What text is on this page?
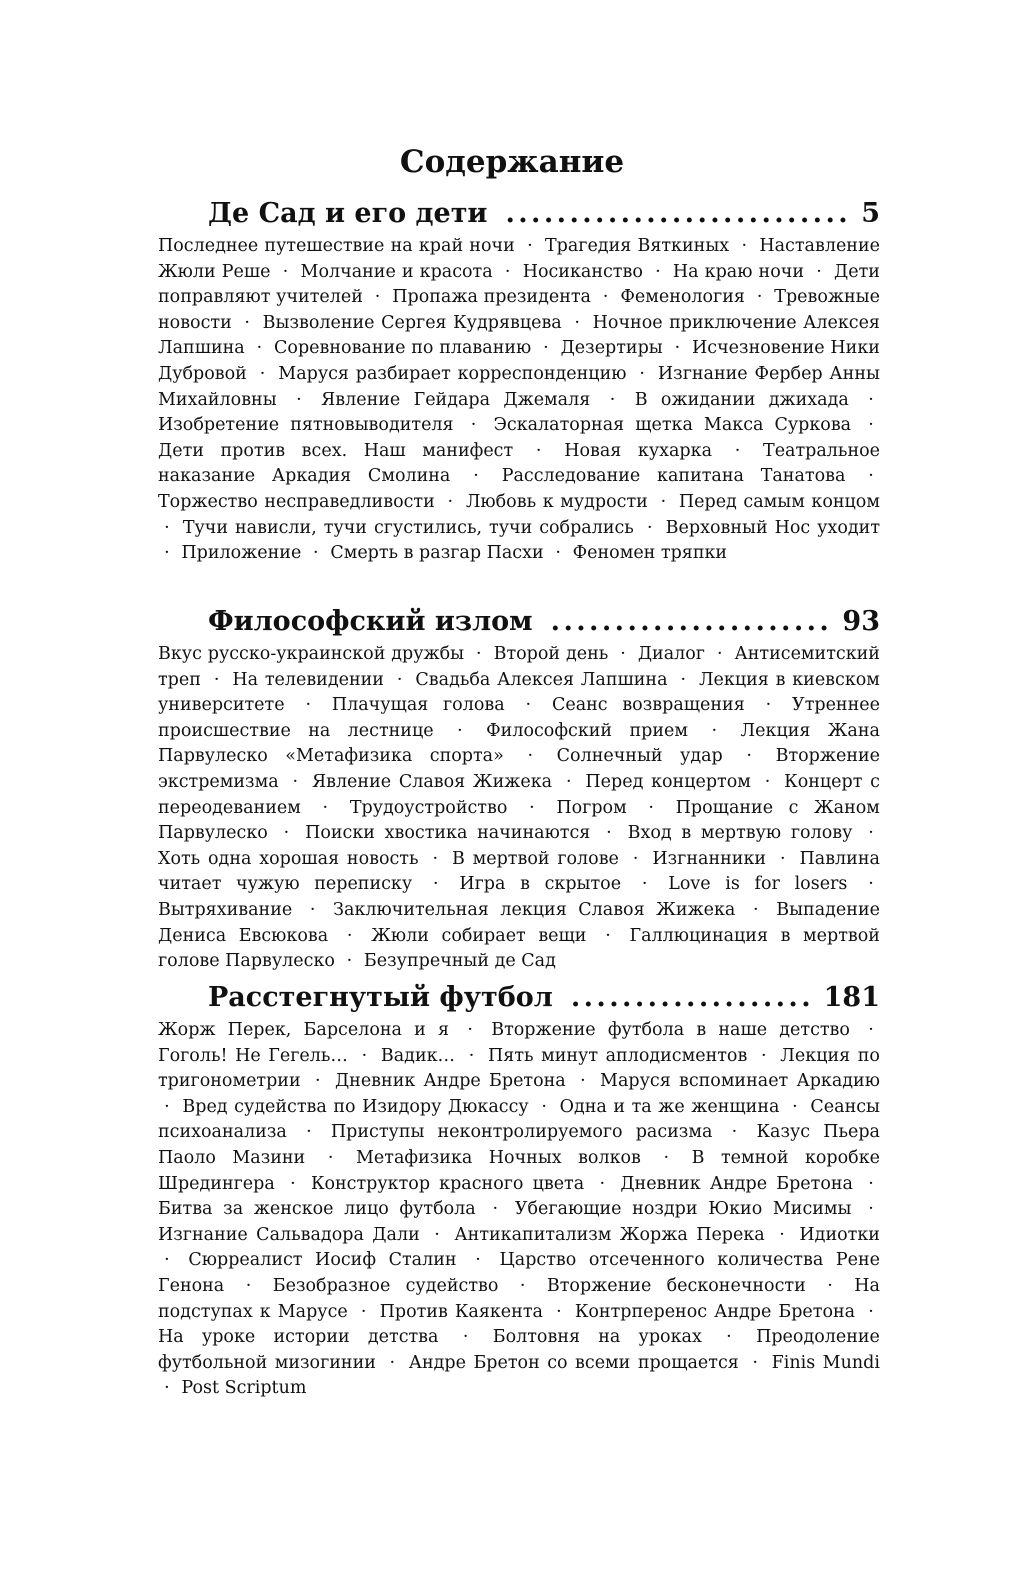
Содержание
Де Сад и его дети . . .	5
Последнее путешествие на край ночи · Трагедия Вяткиных · Наставление Жюли Реше · Молчание и красота · Носиканство · На краю ночи · Дети поправляют учителей · Пропажа президента · Феменология · Тревожные новости · Вызволение Сергея Кудрявцева · Ночное приключение Алексея Лапшина · Соревнование по плаванию · Дезертиры · Исчезновение Ники Дубровой · Маруся разбирает корреспонденцию · Изгнание Фербер Анны Михайловны · Явление Гейдара Джемаля · В ожидании джихада · Изобретение пятновыводителя · Эскалаторная щетка Макса Суркова · Дети против всех. Наш манифест · Новая кухарка · Театральное наказание Аркадия Смолина · Расследование капитана Танатова · Торжество несправедливости · Любовь к мудрости · Перед самым концом · Тучи нависли, тучи сгустились, тучи собрались · Верховный Нос уходит · Приложение · Смерть в разгар Пасхи · Феномен тряпки
Философский излом . . .	93
Вкус русско-украинской дружбы · Второй день · Диалог · Антисемитский треп · На телевидении · Свадьба Алексея Лапшина · Лекция в киевском университете · Плачущая голова · Сеанс возвращения · Утреннее происшествие на лестнице · Философский прием · Лекция Жана Парвулеско «Метафизика спорта» · Солнечный удар · Вторжение экстремизма · Явление Славоя Жижека · Перед концертом · Концерт с переодеванием · Трудоустройство · Погром · Прощание с Жаном Парвулеско · Поиски хвостика начинаются · Вход в мертвую голову · Хоть одна хорошая новость · В мертвой голове · Изгнанники · Павлина читает чужую переписку · Игра в скрытое · Love is for losers · Вытряхивание · Заключительная лекция Славоя Жижека · Выпадение Дениса Евсюкова · Жюли собирает вещи · Галлюцинация в мертвой голове Парвулеско · Безупречный де Сад
Расстегнутый футбол . . .	181
Жорж Перек, Барселона и я · Вторжение футбола в наше детство · Гоголь! Не Гегель… · Вадик… · Пять минут аплодисментов · Лекция по тригонометрии · Дневник Андре Бретона · Маруся вспоминает Аркадию · Вред судейства по Изидору Дюкассу · Одна и та же женщина · Сеансы психоанализа · Приступы неконтролируемого расизма · Казус Пьера Паоло Мазини · Метафизика Ночных волков · В темной коробке Шредингера · Конструктор красного цвета · Дневник Андре Бретона · Битва за женское лицо футбола · Убегающие ноздри Юкио Мисимы · Изгнание Сальвадора Дали · Антикапитализм Жоржа Перека · Идиотки · Сюрреалист Иосиф Сталин · Царство отсеченного количества Рене Генона · Безобразное судейство · Вторжение бесконечности · На подступах к Марусе · Против Каякента · Контрперенос Андре Бретона · На уроке истории детства · Болтовня на уроках · Преодоление футбольной мизогинии · Андре Бретон со всеми прощается · Finis Mundi · Post Scriptum
